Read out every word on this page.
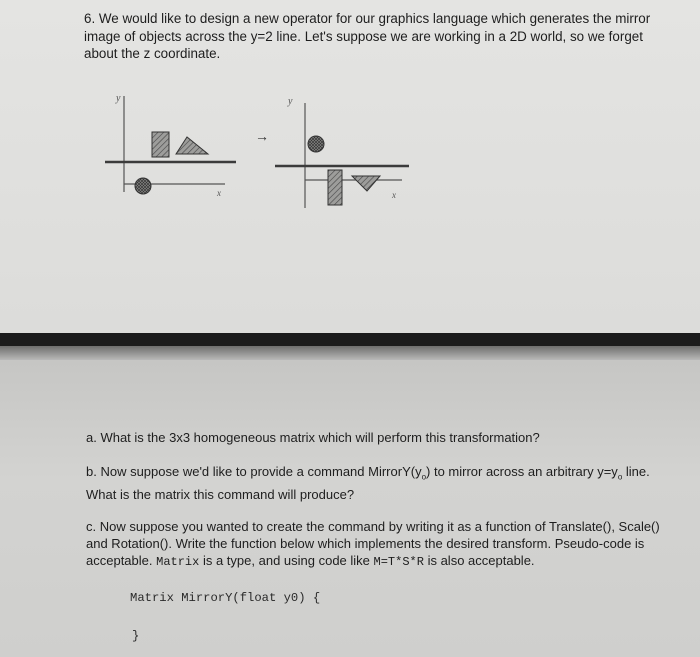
6. We would like to design a new operator for our graphics language which generates the mirror image of objects across the y=2 line. Let's suppose we are working in a 2D world, so we forget about the z coordinate.

y
x
→
y
x

a. What is the 3x3 homogeneous matrix which will perform this transformation?

b. Now suppose we'd like to provide a command $MirrorY(y_o)$ to mirror across an arbitrary $y=y_o$ line. What is the matrix this command will produce?

c. Now suppose you wanted to create the command by writing it as a function of Translate(), Scale() and Rotation(). Write the function below which implements the desired transform. Pseudo-code is acceptable. Matrix is a type, and using code like M=T*S*R is also acceptable.

Matrix MirrorY(float y0) {
}
